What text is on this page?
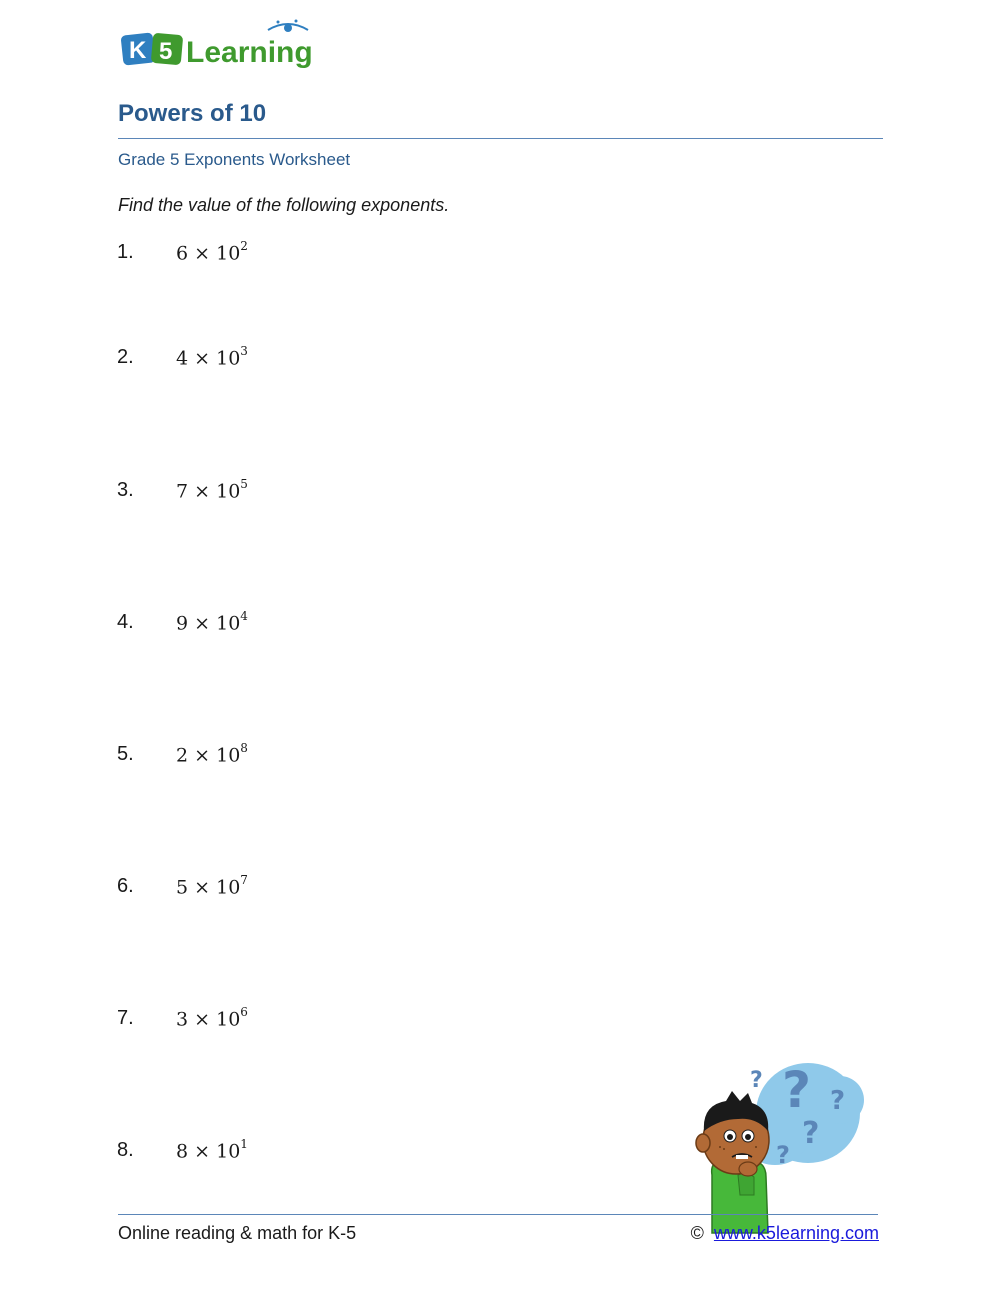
K 5 Learning
Powers of 10
Grade 5 Exponents Worksheet
Find the value of the following exponents.
1.	$6 \times 10^2$
2.	$4 \times 10^3$
3.	$7 \times 10^5$
4.	$9 \times 10^4$
5.	$2 \times 10^8$
6.	$5 \times 10^7$
7.	$3 \times 10^6$
8.	$8 \times 10^1$
?
?
?
?
?
Online reading & math for K-5	© www.k5learning.com
